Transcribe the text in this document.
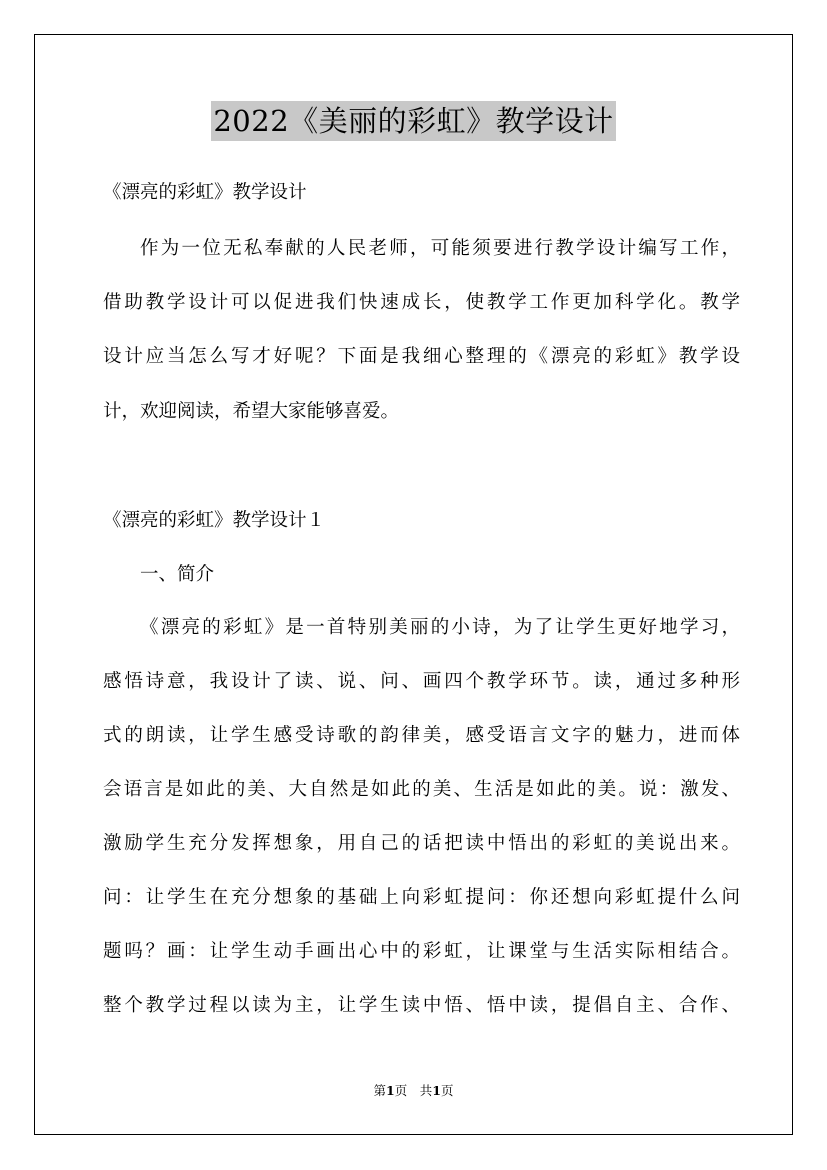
2022《美丽的彩虹》教学设计
《漂亮的彩虹》教学设计
作为一位无私奉献的人民老师，可能须要进行教学设计编写工作，
借助教学设计可以促进我们快速成长，使教学工作更加科学化。教学
设计应当怎么写才好呢？下面是我细心整理的《漂亮的彩虹》教学设
计，欢迎阅读，希望大家能够喜爱。
《漂亮的彩虹》教学设计１
一、简介
《漂亮的彩虹》是一首特别美丽的小诗，为了让学生更好地学习，
感悟诗意，我设计了读、说、问、画四个教学环节。读，通过多种形
式的朗读，让学生感受诗歌的韵律美，感受语言文字的魅力，进而体
会语言是如此的美、大自然是如此的美、生活是如此的美。说：激发、
激励学生充分发挥想象，用自己的话把读中悟出的彩虹的美说出来。
问：让学生在充分想象的基础上向彩虹提问：你还想向彩虹提什么问
题吗？画：让学生动手画出心中的彩虹，让课堂与生活实际相结合。
整个教学过程以读为主，让学生读中悟、悟中读，提倡自主、合作、
第1页　共1页
